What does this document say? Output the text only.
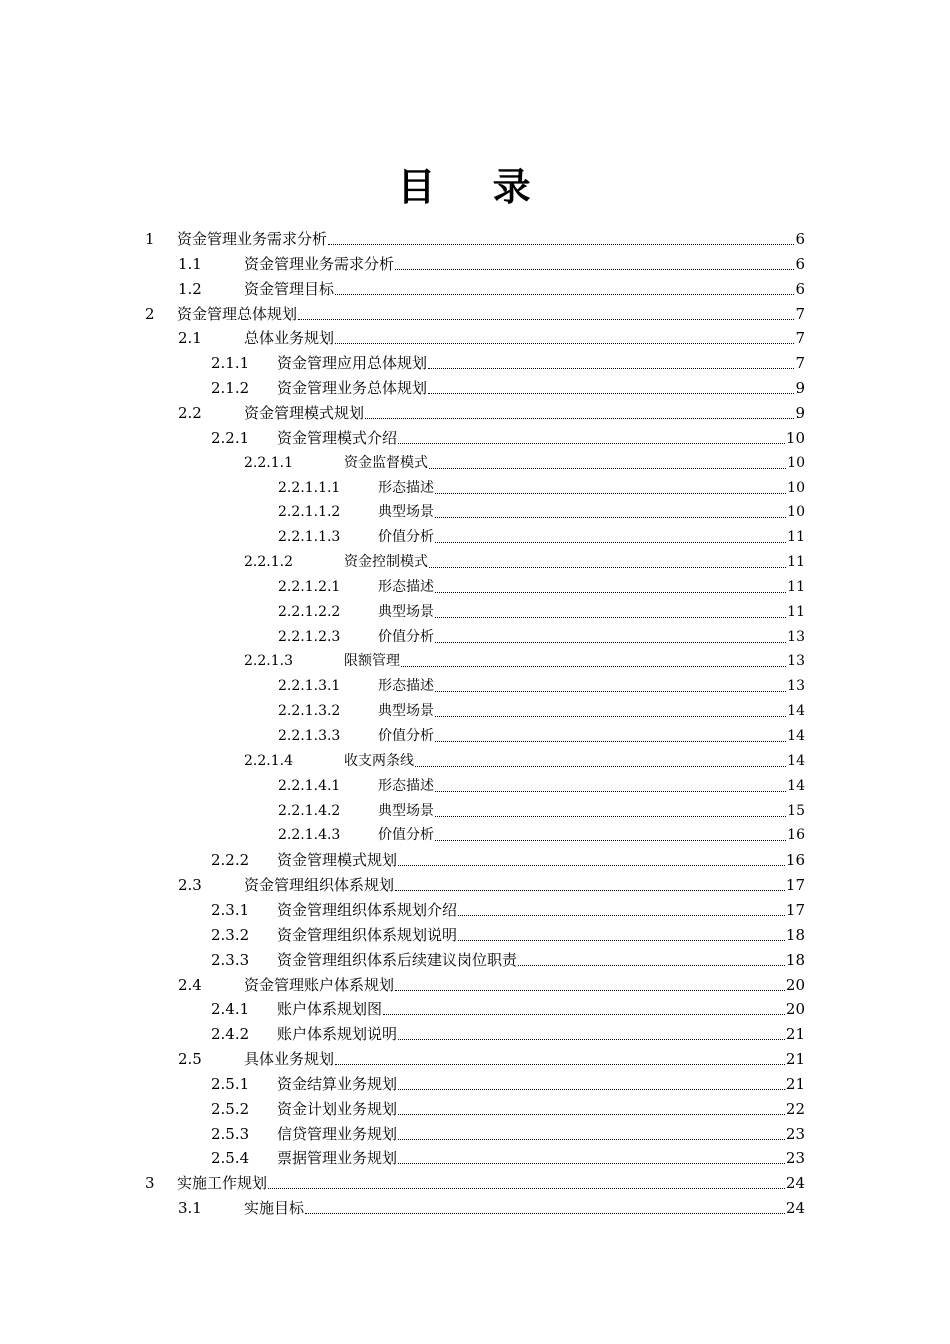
目 录
1	资金管理业务需求分析	6
1.1	资金管理业务需求分析	6
1.2	资金管理目标	6
2	资金管理总体规划	7
2.1	总体业务规划	7
2.1.1	资金管理应用总体规划	7
2.1.2	资金管理业务总体规划	9
2.2	资金管理模式规划	9
2.2.1	资金管理模式介绍	10
2.2.1.1	资金监督模式	10
2.2.1.1.1	形态描述	10
2.2.1.1.2	典型场景	10
2.2.1.1.3	价值分析	11
2.2.1.2	资金控制模式	11
2.2.1.2.1	形态描述	11
2.2.1.2.2	典型场景	11
2.2.1.2.3	价值分析	13
2.2.1.3	限额管理	13
2.2.1.3.1	形态描述	13
2.2.1.3.2	典型场景	14
2.2.1.3.3	价值分析	14
2.2.1.4	收支两条线	14
2.2.1.4.1	形态描述	14
2.2.1.4.2	典型场景	15
2.2.1.4.3	价值分析	16
2.2.2	资金管理模式规划	16
2.3	资金管理组织体系规划	17
2.3.1	资金管理组织体系规划介绍	17
2.3.2	资金管理组织体系规划说明	18
2.3.3	资金管理组织体系后续建议岗位职责	18
2.4	资金管理账户体系规划	20
2.4.1	账户体系规划图	20
2.4.2	账户体系规划说明	21
2.5	具体业务规划	21
2.5.1	资金结算业务规划	21
2.5.2	资金计划业务规划	22
2.5.3	信贷管理业务规划	23
2.5.4	票据管理业务规划	23
3	实施工作规划	24
3.1	实施目标	24
